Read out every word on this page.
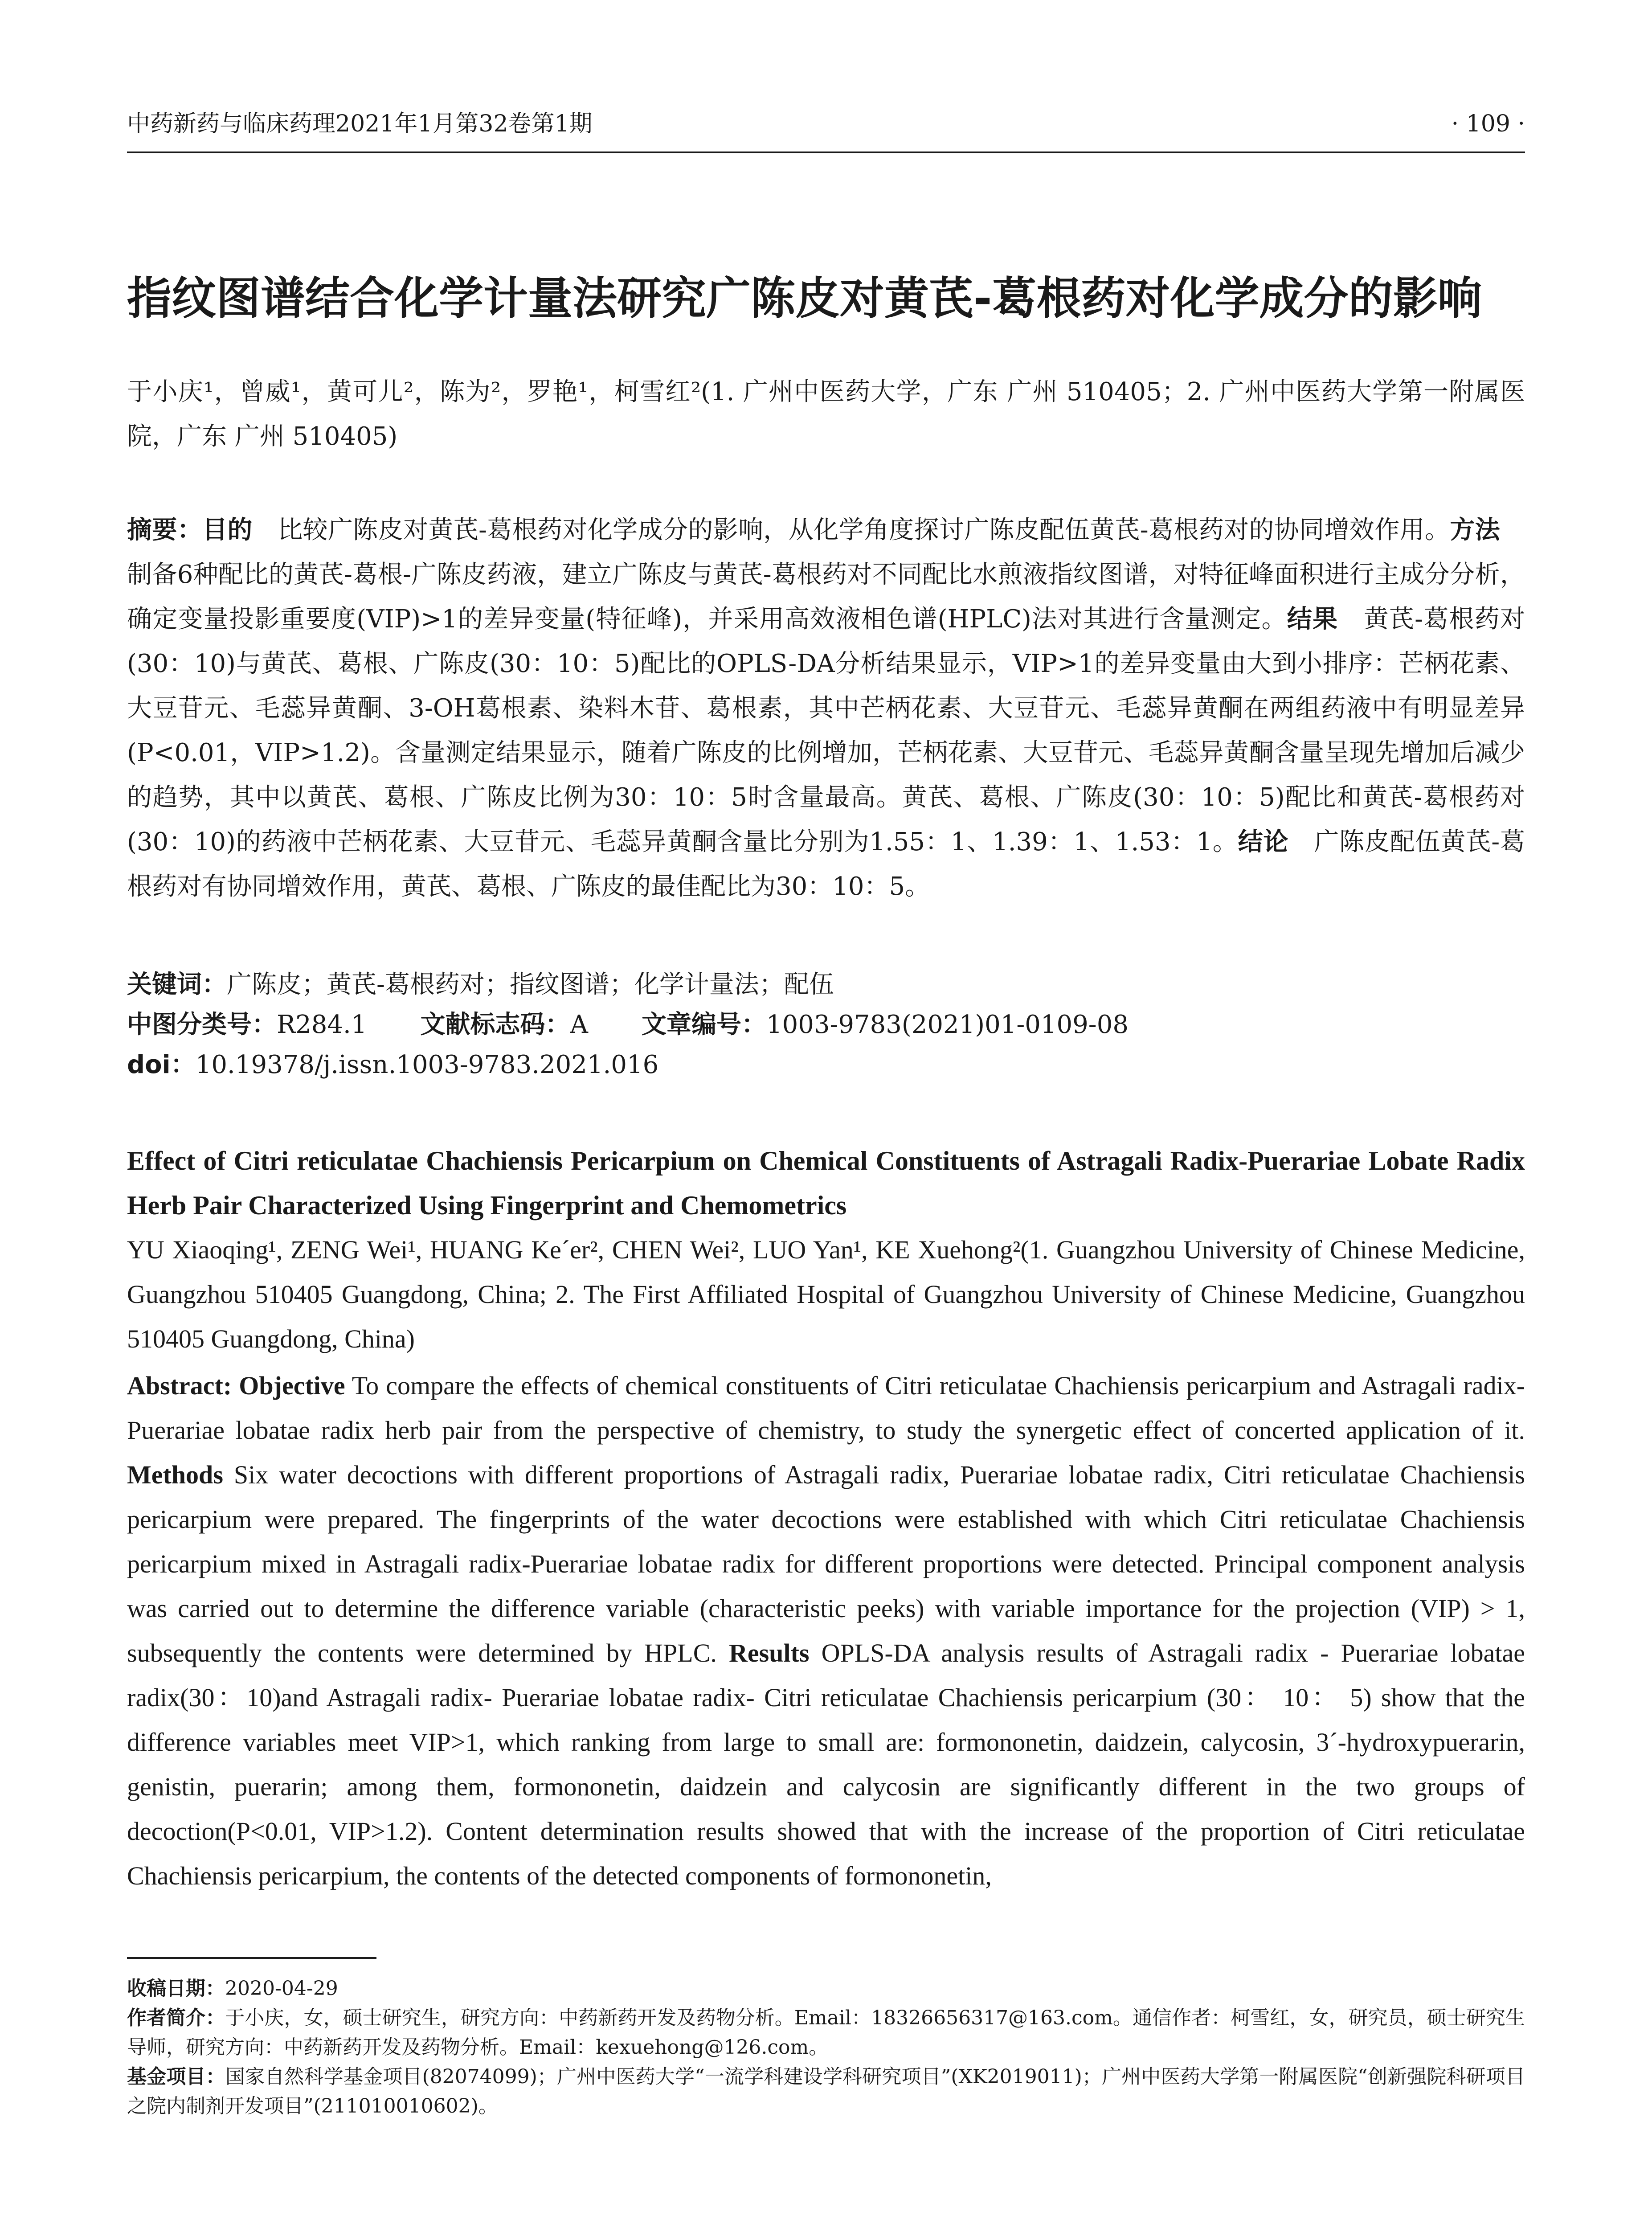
中药新药与临床药理2021年1月第32卷第1期	· 109 ·
指纹图谱结合化学计量法研究广陈皮对黄芪-葛根药对化学成分的影响
于小庆¹，曾威¹，黄可儿²，陈为²，罗艳¹，柯雪红²(1. 广州中医药大学，广东 广州 510405；2. 广州中医药大学第一附属医院，广东 广州 510405)
摘要：目的  比较广陈皮对黄芪-葛根药对化学成分的影响，从化学角度探讨广陈皮配伍黄芪-葛根药对的协同增效作用。方法 制备6种配比的黄芪-葛根-广陈皮药液，建立广陈皮与黄芪-葛根药对不同配比水煎液指纹图谱，对特征峰面积进行主成分分析，确定变量投影重要度(VIP)>1的差异变量(特征峰)，并采用高效液相色谱(HPLC)法对其进行含量测定。结果  黄芪-葛根药对(30：10)与黄芪、葛根、广陈皮(30：10：5)配比的OPLS-DA分析结果显示，VIP>1的差异变量由大到小排序：芒柄花素、大豆苷元、毛蕊异黄酮、3-OH葛根素、染料木苷、葛根素，其中芒柄花素、大豆苷元、毛蕊异黄酮在两组药液中有明显差异(P<0.01，VIP>1.2)。含量测定结果显示，随着广陈皮的比例增加，芒柄花素、大豆苷元、毛蕊异黄酮含量呈现先增加后减少的趋势，其中以黄芪、葛根、广陈皮比例为30：10：5时含量最高。黄芪、葛根、广陈皮(30：10：5)配比和黄芪-葛根药对(30：10)的药液中芒柄花素、大豆苷元、毛蕊异黄酮含量比分别为1.55：1、1.39：1、1.53：1。结论  广陈皮配伍黄芪-葛根药对有协同增效作用，黄芪、葛根、广陈皮的最佳配比为30：10：5。
关键词：广陈皮；黄芪-葛根药对；指纹图谱；化学计量法；配伍
中图分类号：R284.1 文献标志码：A 文章编号：1003-9783(2021)01-0109-08
doi：10.19378/j.issn.1003-9783.2021.016
Effect of Citri reticulatae Chachiensis Pericarpium on Chemical Constituents of Astragali Radix-Puerariae Lobate Radix Herb Pair Characterized Using Fingerprint and Chemometrics
YU Xiaoqing¹, ZENG Wei¹, HUANG Ke´er², CHEN Wei², LUO Yan¹, KE Xuehong²(1. Guangzhou University of Chinese Medicine, Guangzhou 510405 Guangdong, China; 2. The First Affiliated Hospital of Guangzhou University of Chinese Medicine, Guangzhou 510405 Guangdong, China)
Abstract: Objective To compare the effects of chemical constituents of Citri reticulatae Chachiensis pericarpium and Astragali radix-Puerariae lobatae radix herb pair from the perspective of chemistry, to study the synergetic effect of concerted application of it. Methods Six water decoctions with different proportions of Astragali radix, Puerariae lobatae radix, Citri reticulatae Chachiensis pericarpium were prepared. The fingerprints of the water decoctions were established with which Citri reticulatae Chachiensis pericarpium mixed in Astragali radix-Puerariae lobatae radix for different proportions were detected. Principal component analysis was carried out to determine the difference variable (characteristic peeks) with variable importance for the projection (VIP) > 1, subsequently the contents were determined by HPLC. Results OPLS-DA analysis results of Astragali radix - Puerariae lobatae radix(30：10)and Astragali radix- Puerariae lobatae radix- Citri reticulatae Chachiensis pericarpium (30： 10： 5) show that the difference variables meet VIP>1, which ranking from large to small are: formononetin, daidzein, calycosin, 3´-hydroxypuerarin, genistin, puerarin; among them, formononetin, daidzein and calycosin are significantly different in the two groups of decoction(P<0.01, VIP>1.2). Content determination results showed that with the increase of the proportion of Citri reticulatae Chachiensis pericarpium, the contents of the detected components of formononetin,

收稿日期：2020-04-29

作者简介：于小庆，女，硕士研究生，研究方向：中药新药开发及药物分析。Email：18326656317@163.com。通信作者：柯雪红，女，研究员，硕士研究生导师，研究方向：中药新药开发及药物分析。Email：kexuehong@126.com。

基金项目：国家自然科学基金项目(82074099)；广州中医药大学“一流学科建设学科研究项目”(XK2019011)；广州中医药大学第一附属医院“创新强院科研项目之院内制剂开发项目”(211010010602)。
